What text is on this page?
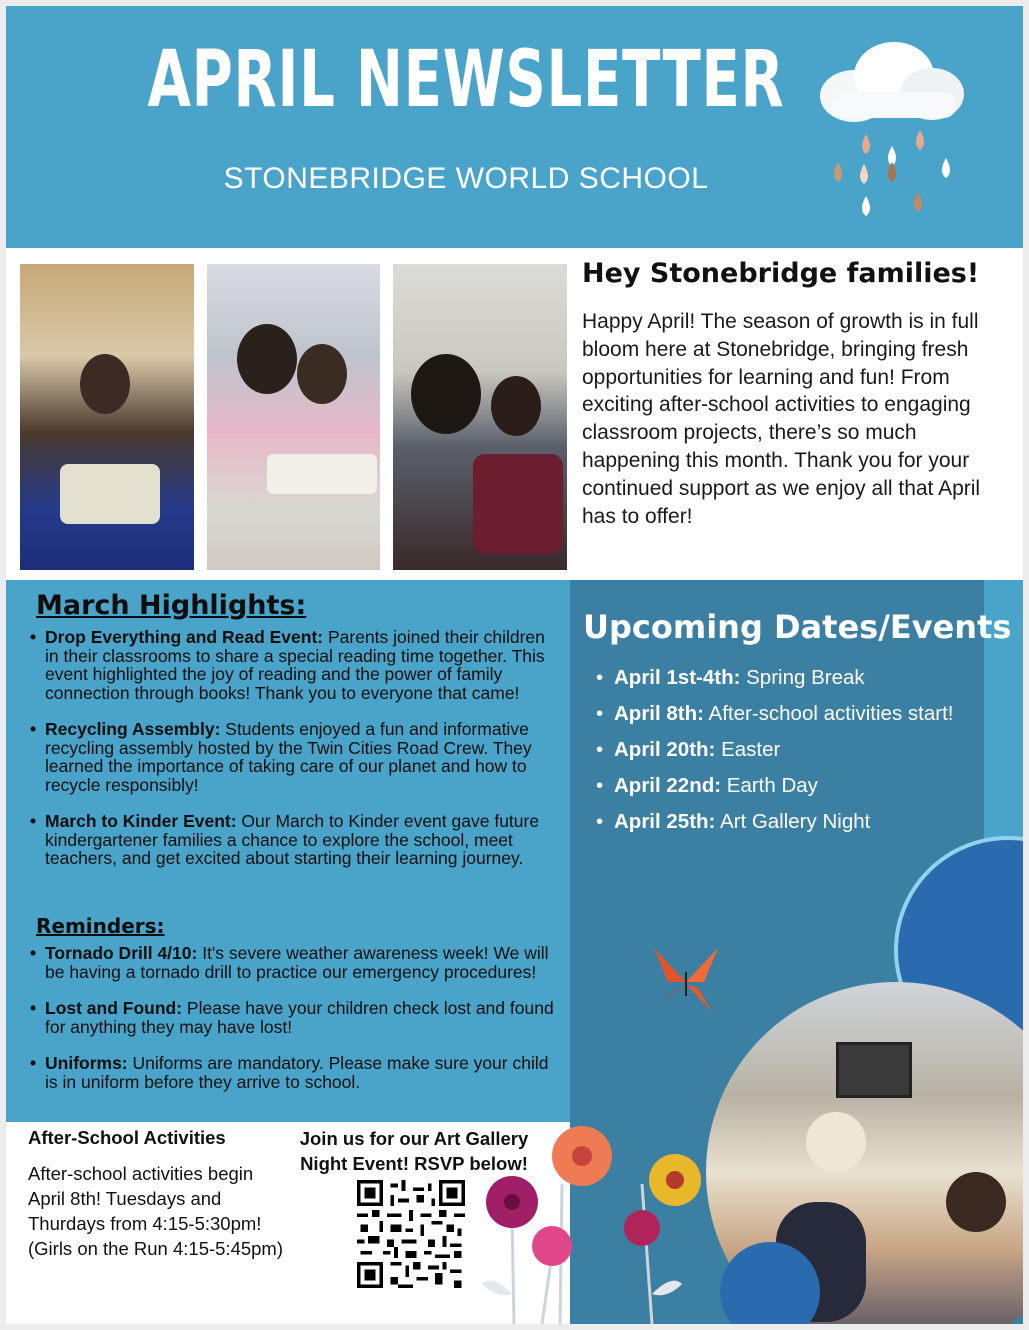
APRIL NEWSLETTER
STONEBRIDGE WORLD SCHOOL
Hey Stonebridge families!
Happy April! The season of growth is in full bloom here at Stonebridge, bringing fresh opportunities for learning and fun! From exciting after-school activities to engaging classroom projects, there’s so much happening this month. Thank you for your continued support as we enjoy all that April has to offer!
March Highlights:
• Drop Everything and Read Event: Parents joined their children in their classrooms to share a special reading time together. This event highlighted the joy of reading and the power of family connection through books! Thank you to everyone that came!
• Recycling Assembly: Students enjoyed a fun and informative recycling assembly hosted by the Twin Cities Road Crew. They learned the importance of taking care of our planet and how to recycle responsibly!
• March to Kinder Event: Our March to Kinder event gave future kindergartener families a chance to explore the school, meet teachers, and get excited about starting their learning journey.
Reminders:
• Tornado Drill 4/10: It's severe weather awareness week! We will be having a tornado drill to practice our emergency procedures!
• Lost and Found: Please have your children check lost and found for anything they may have lost!
• Uniforms: Uniforms are mandatory. Please make sure your child is in uniform before they arrive to school.
Upcoming Dates/Events
• April 1st-4th: Spring Break
• April 8th: After-school activities start!
• April 20th: Easter
• April 22nd: Earth Day
• April 25th: Art Gallery Night
After-School Activities
After-school activities begin April 8th! Tuesdays and Thurdays from 4:15-5:30pm! (Girls on the Run 4:15-5:45pm)
Join us for our Art Gallery Night Event! RSVP below!
